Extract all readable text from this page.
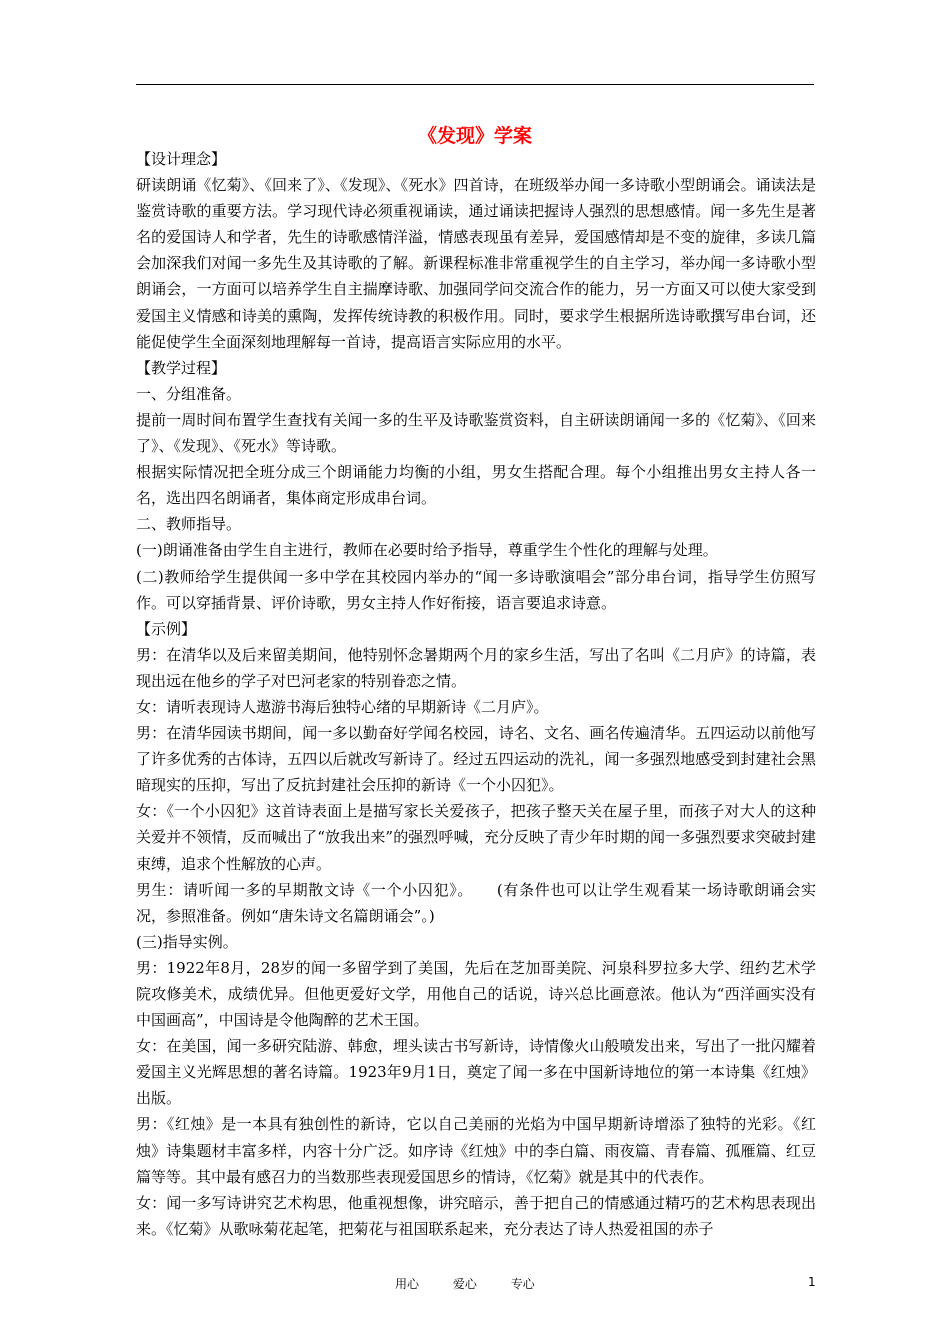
《发现》学案

【设计理念】

研读朗诵《忆菊》、《回来了》、《发现》、《死水》四首诗，在班级举办闻一多诗歌小型朗诵会。诵读法是鉴赏诗歌的重要方法。学习现代诗必须重视诵读，通过诵读把握诗人强烈的思想感情。闻一多先生是著名的爱国诗人和学者，先生的诗歌感情洋溢，情感表现虽有差异，爱国感情却是不变的旋律，多读几篇会加深我们对闻一多先生及其诗歌的了解。新课程标准非常重视学生的自主学习，举办闻一多诗歌小型朗诵会，一方面可以培养学生自主揣摩诗歌、加强同学问交流合作的能力，另一方面又可以使大家受到爱国主义情感和诗美的熏陶，发挥传统诗教的积极作用。同时，要求学生根据所选诗歌撰写串台词，还能促使学生全面深刻地理解每一首诗，提高语言实际应用的水平。

【教学过程】

一、分组准备。

提前一周时间布置学生查找有关闻一多的生平及诗歌鉴赏资料，自主研读朗诵闻一多的《忆菊》、《回来了》、《发现》、《死水》等诗歌。

根据实际情况把全班分成三个朗诵能力均衡的小组，男女生搭配合理。每个小组推出男女主持人各一名，选出四名朗诵者，集体商定形成串台词。

二、教师指导。

(一)朗诵准备由学生自主进行，教师在必要时给予指导，尊重学生个性化的理解与处理。

(二)教师给学生提供闻一多中学在其校园内举办的“闻一多诗歌演唱会”部分串台词，指导学生仿照写作。可以穿插背景、评价诗歌，男女主持人作好衔接，语言要追求诗意。

【示例】

男：在清华以及后来留美期间，他特别怀念暑期两个月的家乡生活，写出了名叫《二月庐》的诗篇，表现出远在他乡的学子对巴河老家的特别眷恋之情。

女：请听表现诗人遨游书海后独特心绪的早期新诗《二月庐》。

男：在清华园读书期间，闻一多以勤奋好学闻名校园，诗名、文名、画名传遍清华。五四运动以前他写了许多优秀的古体诗，五四以后就改写新诗了。经过五四运动的洗礼，闻一多强烈地感受到封建社会黑暗现实的压抑，写出了反抗封建社会压抑的新诗《一个小囚犯》。

女：《一个小囚犯》这首诗表面上是描写家长关爱孩子，把孩子整天关在屋子里，而孩子对大人的这种关爱并不领情，反而喊出了“放我出来”的强烈呼喊，充分反映了青少年时期的闻一多强烈要求突破封建束缚，追求个性解放的心声。

男生：请听闻一多的早期散文诗《一个小囚犯》。　　(有条件也可以让学生观看某一场诗歌朗诵会实况，参照准备。例如“唐朱诗文名篇朗诵会”。)

(三)指导实例。

男：1922年8月，28岁的闻一多留学到了美国，先后在芝加哥美院、河泉科罗拉多大学、纽约艺术学院攻修美术，成绩优异。但他更爱好文学，用他自己的话说，诗兴总比画意浓。他认为“西洋画实没有中国画高”，中国诗是令他陶醉的艺术王国。

女：在美国，闻一多研究陆游、韩愈，埋头读古书写新诗，诗情像火山般喷发出来，写出了一批闪耀着爱国主义光辉思想的著名诗篇。1923年9月1日，奠定了闻一多在中国新诗地位的第一本诗集《红烛》出版。

男：《红烛》是一本具有独创性的新诗，它以自己美丽的光焰为中国早期新诗增添了独特的光彩。《红烛》诗集题材丰富多样，内容十分广泛。如序诗《红烛》中的李白篇、雨夜篇、青春篇、孤雁篇、红豆篇等等。其中最有感召力的当数那些表现爱国思乡的情诗，《忆菊》就是其中的代表作。

女：闻一多写诗讲究艺术构思，他重视想像，讲究暗示，善于把自己的情感通过精巧的艺术构思表现出来。《忆菊》从歌咏菊花起笔，把菊花与祖国联系起来，充分表达了诗人热爱祖国的赤子

用心	爱心	专心	1
